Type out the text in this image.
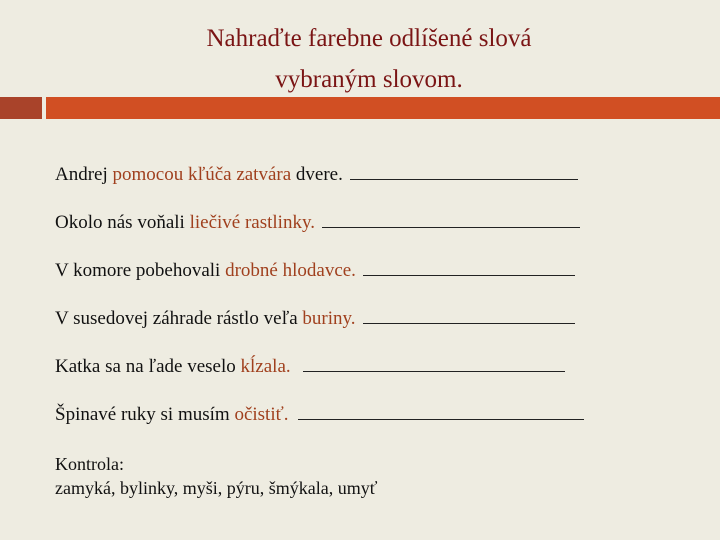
Nahraďte farebne odlíšené slová
vybraným slovom.
Andrej pomocou kľúča zatvára dvere.
Okolo nás voňali liečivé rastlinky.
V komore pobehovali drobné hlodavce.
V susedovej záhrade rástlo veľa buriny.
Katka sa na ľade veselo kĺzala.
Špinavé ruky si musím očistiť.
Kontrola:
zamyká, bylinky, myši, pýru, šmýkala, umyť
